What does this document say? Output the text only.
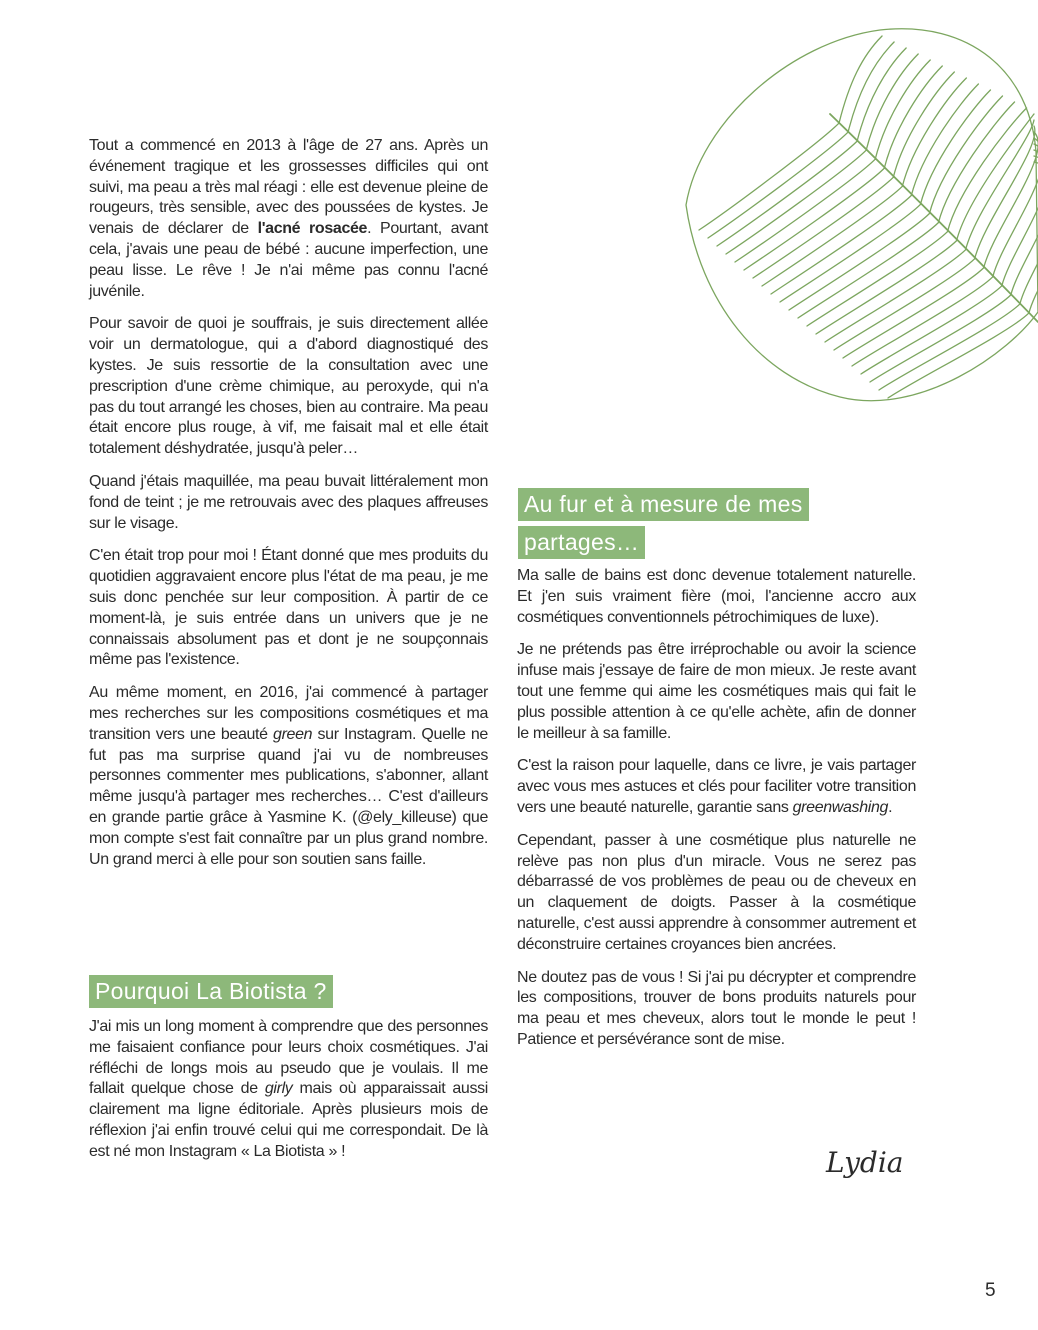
Tout a commencé en 2013 à l'âge de 27 ans. Après un événement tragique et les grossesses difficiles qui ont suivi, ma peau a très mal réagi : elle est devenue pleine de rougeurs, très sensible, avec des poussées de kystes. Je venais de déclarer de l'acné rosacée. Pourtant, avant cela, j'avais une peau de bébé : aucune imperfection, une peau lisse. Le rêve ! Je n'ai même pas connu l'acné juvénile.

Pour savoir de quoi je souffrais, je suis directement allée voir un dermatologue, qui a d'abord diagnostiqué des kystes. Je suis ressortie de la consultation avec une prescription d'une crème chimique, au peroxyde, qui n'a pas du tout arrangé les choses, bien au contraire. Ma peau était encore plus rouge, à vif, me faisait mal et elle était totalement déshydratée, jusqu'à peler…

Quand j'étais maquillée, ma peau buvait littéralement mon fond de teint ; je me retrouvais avec des plaques affreuses sur le visage.

C'en était trop pour moi ! Étant donné que mes produits du quotidien aggravaient encore plus l'état de ma peau, je me suis donc penchée sur leur composition. À partir de ce moment-là, je suis entrée dans un univers que je ne connaissais absolument pas et dont je ne soupçonnais même pas l'existence.

Au même moment, en 2016, j'ai commencé à partager mes recherches sur les compositions cosmétiques et ma transition vers une beauté green sur Instagram. Quelle ne fut pas ma surprise quand j'ai vu de nombreuses personnes commenter mes publications, s'abonner, allant même jusqu'à partager mes recherches… C'est d'ailleurs en grande partie grâce à Yasmine K. (@ely_killeuse) que mon compte s'est fait connaître par un plus grand nombre. Un grand merci à elle pour son soutien sans faille.

Pourquoi La Biotista ?

J'ai mis un long moment à comprendre que des personnes me faisaient confiance pour leurs choix cosmétiques. J'ai réfléchi de longs mois au pseudo que je voulais. Il me fallait quelque chose de girly mais où apparaissait aussi clairement ma ligne éditoriale. Après plusieurs mois de réflexion j'ai enfin trouvé celui qui me correspondait. De là est né mon Instagram « La Biotista » !

Au fur et à mesure de mes
partages…

Ma salle de bains est donc devenue totalement naturelle. Et j'en suis vraiment fière (moi, l'ancienne accro aux cosmétiques conventionnels pétrochimiques de luxe).

Je ne prétends pas être irréprochable ou avoir la science infuse mais j'essaye de faire de mon mieux. Je reste avant tout une femme qui aime les cosmétiques mais qui fait le plus possible attention à ce qu'elle achète, afin de donner le meilleur à sa famille.

C'est la raison pour laquelle, dans ce livre, je vais partager avec vous mes astuces et clés pour faciliter votre transition vers une beauté naturelle, garantie sans greenwashing.

Cependant, passer à une cosmétique plus naturelle ne relève pas non plus d'un miracle. Vous ne serez pas débarrassé de vos problèmes de peau ou de cheveux en un claquement de doigts. Passer à la cosmétique naturelle, c'est aussi apprendre à consommer autrement et déconstruire certaines croyances bien ancrées.

Ne doutez pas de vous ! Si j'ai pu décrypter et comprendre les compositions, trouver de bons produits naturels pour ma peau et mes cheveux, alors tout le monde le peut ! Patience et persévérance sont de mise.

Lydia
5
